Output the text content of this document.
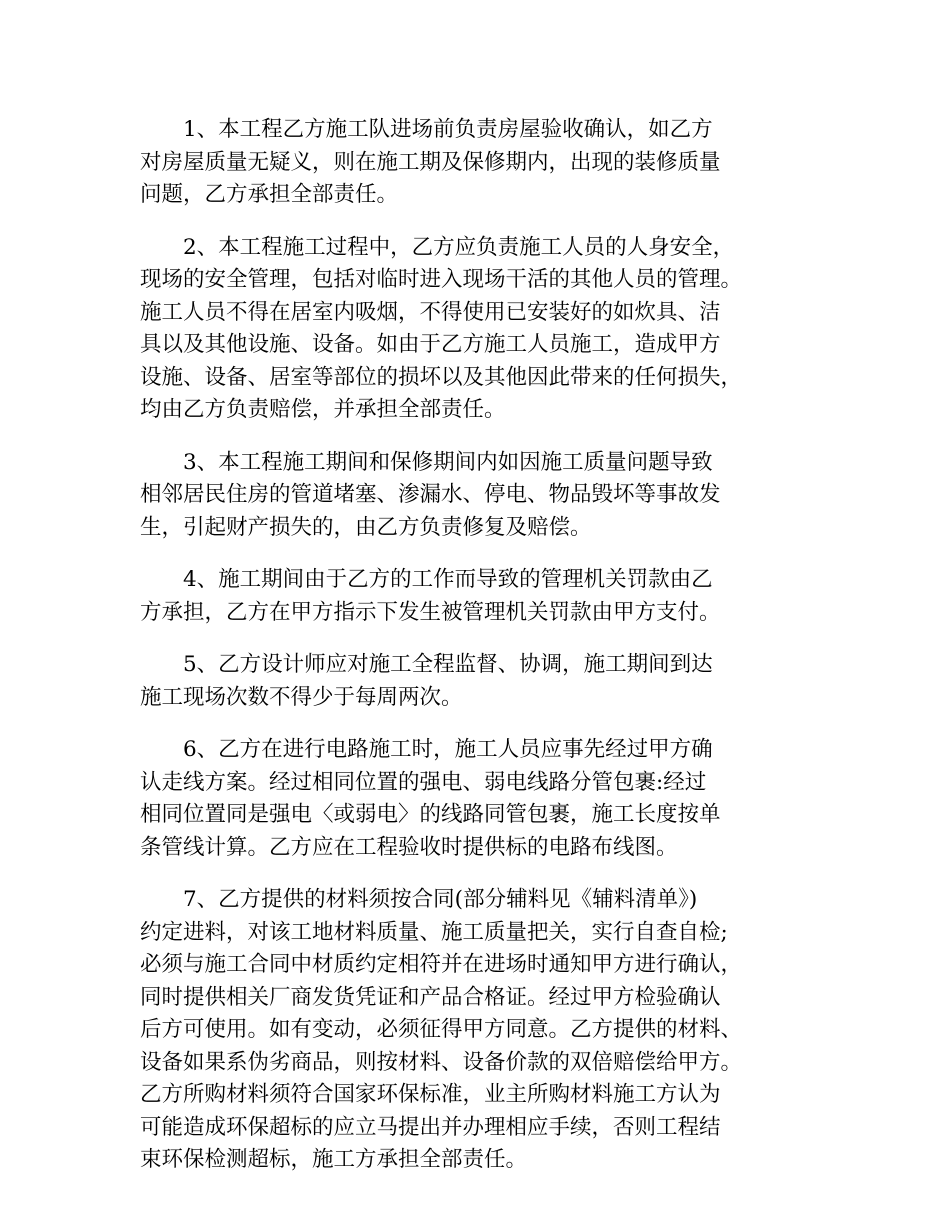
1、本工程乙方施工队进场前负责房屋验收确认，如乙方
对房屋质量无疑义，则在施工期及保修期内，出现的装修质量
问题，乙方承担全部责任。

2、本工程施工过程中，乙方应负责施工人员的人身安全，
现场的安全管理，包括对临时进入现场干活的其他人员的管理。
施工人员不得在居室内吸烟，不得使用已安装好的如炊具、洁
具以及其他设施、设备。如由于乙方施工人员施工，造成甲方
设施、设备、居室等部位的损坏以及其他因此带来的任何损失，
均由乙方负责赔偿，并承担全部责任。

3、本工程施工期间和保修期间内如因施工质量问题导致
相邻居民住房的管道堵塞、渗漏水、停电、物品毁坏等事故发
生，引起财产损失的，由乙方负责修复及赔偿。

4、施工期间由于乙方的工作而导致的管理机关罚款由乙
方承担，乙方在甲方指示下发生被管理机关罚款由甲方支付。

5、乙方设计师应对施工全程监督、协调，施工期间到达
施工现场次数不得少于每周两次。

6、乙方在进行电路施工时，施工人员应事先经过甲方确
认走线方案。经过相同位置的强电、弱电线路分管包裹:经过
相同位置同是强电〈或弱电〉的线路同管包裹，施工长度按单
条管线计算。乙方应在工程验收时提供标的电路布线图。

7、乙方提供的材料须按合同(部分辅料见《辅料清单》)
约定进料，对该工地材料质量、施工质量把关，实行自查自检;
必须与施工合同中材质约定相符并在进场时通知甲方进行确认，
同时提供相关厂商发货凭证和产品合格证。经过甲方检验确认
后方可使用。如有变动，必须征得甲方同意。乙方提供的材料、
设备如果系伪劣商品，则按材料、设备价款的双倍赔偿给甲方。
乙方所购材料须符合国家环保标准，业主所购材料施工方认为
可能造成环保超标的应立马提出并办理相应手续，否则工程结
束环保检测超标，施工方承担全部责任。
